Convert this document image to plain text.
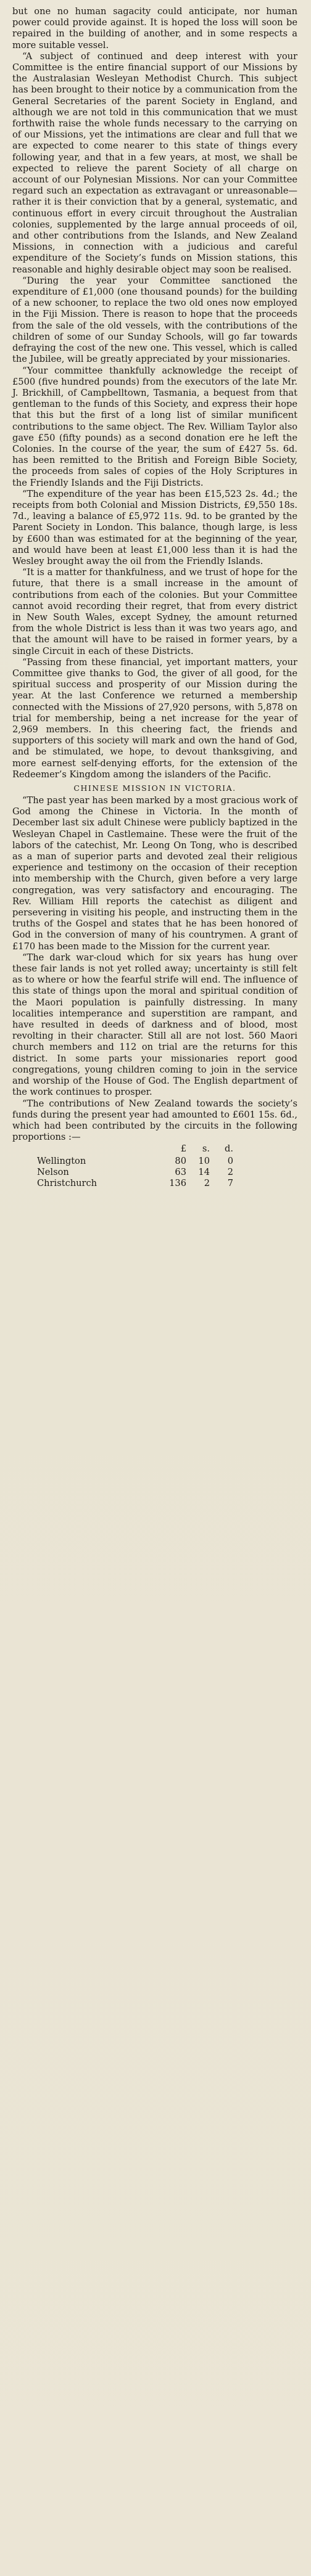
but one no human sagacity could anticipate, nor human power could provide against. It is hoped the loss will soon be repaired in the building of another, and in some respects a more suitable vessel.

“A subject of continued and deep interest with your Committee is the entire financial support of our Missions by the Australasian Wesleyan Methodist Church. This subject has been brought to their notice by a communication from the General Secretaries of the parent Society in England, and although we are not told in this communication that we must forthwith raise the whole funds necessary to the carrying on of our Missions, yet the intimations are clear and full that we are expected to come nearer to this state of things every following year, and that in a few years, at most, we shall be expected to relieve the parent Society of all charge on account of our Polynesian Missions. Nor can your Committee regard such an expectation as extravagant or unreasonable—rather it is their conviction that by a general, systematic, and continuous effort in every circuit throughout the Australian colonies, supplemented by the large annual proceeds of oil, and other contributions from the Islands, and New Zealand Missions, in connection with a judicious and careful expenditure of the Society’s funds on Mission stations, this reasonable and highly desirable object may soon be realised.

“During the year your Committee sanctioned the expenditure of £1,000 (one thousand pounds) for the building of a new schooner, to replace the two old ones now employed in the Fiji Mission. There is reason to hope that the proceeds from the sale of the old vessels, with the contributions of the children of some of our Sunday Schools, will go far towards defraying the cost of the new one. This vessel, which is called the Jubilee, will be greatly appreciated by your missionaries.

“Your committee thankfully acknowledge the receipt of £500 (five hundred pounds) from the executors of the late Mr. J. Brickhill, of Campbelltown, Tasmania, a bequest from that gentleman to the funds of this Society, and express their hope that this but the first of a long list of similar munificent contributions to the same object. The Rev. William Taylor also gave £50 (fifty pounds) as a second donation ere he left the Colonies. In the course of the year, the sum of £427 5s. 6d. has been remitted to the British and Foreign Bible Society, the proceeds from sales of copies of the Holy Scriptures in the Friendly Islands and the Fiji Districts.

“The expenditure of the year has been £15,523 2s. 4d.; the receipts from both Colonial and Mission Districts, £9,550 18s. 7d., leaving a balance of £5,972 11s. 9d. to be granted by the Parent Society in London. This balance, though large, is less by £600 than was estimated for at the beginning of the year, and would have been at least £1,000 less than it is had the Wesley brought away the oil from the Friendly Islands.

“It is a matter for thankfulness, and we trust of hope for the future, that there is a small increase in the amount of contributions from each of the colonies. But your Committee cannot avoid recording their regret, that from every district in New South Wales, except Sydney, the amount returned from the whole District is less than it was two years ago, and that the amount will have to be raised in former years, by a single Circuit in each of these Districts.

“Passing from these financial, yet important matters, your Committee give thanks to God, the giver of all good, for the spiritual success and prosperity of our Mission during the year. At the last Conference we returned a membership connected with the Missions of 27,920 persons, with 5,878 on trial for membership, being a net increase for the year of 2,969 members. In this cheering fact, the friends and supporters of this society will mark and own the hand of God, and be stimulated, we hope, to devout thanksgiving, and more earnest self-denying efforts, for the extension of the Redeemer’s Kingdom among the islanders of the Pacific.

CHINESE MISSION IN VICTORIA.

“The past year has been marked by a most gracious work of God among the Chinese in Victoria. In the month of December last six adult Chinese were publicly baptized in the Wesleyan Chapel in Castlemaine. These were the fruit of the labors of the catechist, Mr. Leong On Tong, who is described as a man of superior parts and devoted zeal their religious experience and testimony on the occasion of their reception into membership with the Church, given before a very large congregation, was very satisfactory and encouraging. The Rev. William Hill reports the catechist as diligent and persevering in visiting his people, and instructing them in the truths of the Gospel and states that he has been honored of God in the conversion of many of his countrymen. A grant of £170 has been made to the Mission for the current year.

“The dark war-cloud which for six years has hung over these fair lands is not yet rolled away; uncertainty is still felt as to where or how the fearful strife will end. The influence of this state of things upon the moral and spiritual condition of the Maori population is painfully distressing. In many localities intemperance and superstition are rampant, and have resulted in deeds of darkness and of blood, most revolting in their character. Still all are not lost. 560 Maori church members and 112 on trial are the returns for this district. In some parts your missionaries report good congregations, young children coming to join in the service and worship of the House of God. The English department of the work continues to prosper.

“The contributions of New Zealand towards the society’s funds during the present year had amounted to £601 15s. 6d., which had been contributed by the circuits in the following proportions :—

	£	s.	d.
Wellington	80	10	0
Nelson	63	14	2
Christchurch	136	2	7
